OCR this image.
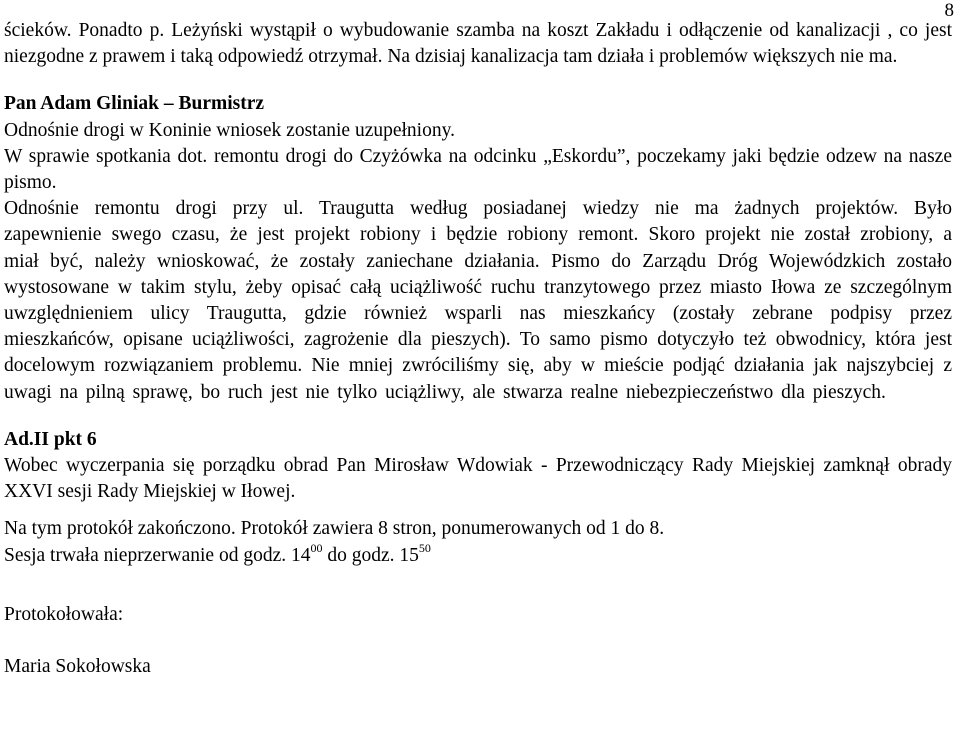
8

ścieków. Ponadto p. Leżyński wystąpił o wybudowanie szamba na koszt Zakładu i odłączenie od kanalizacji , co jest niezgodne z prawem i taką odpowiedź otrzymał. Na dzisiaj kanalizacja tam działa i problemów większych nie ma.

Pan Adam Gliniak – Burmistrz

Odnośnie drogi w Koninie wniosek zostanie uzupełniony.

W sprawie spotkania dot. remontu drogi do Czyżówka na odcinku „Eskordu”, poczekamy jaki będzie odzew na nasze pismo.

Odnośnie remontu drogi przy ul. Traugutta według posiadanej wiedzy nie ma żadnych projektów. Było zapewnienie swego czasu, że jest projekt robiony i będzie robiony remont. Skoro projekt nie został zrobiony, a miał być, należy wnioskować, że zostały zaniechane działania. Pismo do Zarządu Dróg Wojewódzkich zostało wystosowane w takim stylu, żeby opisać całą uciążliwość ruchu tranzytowego przez miasto Iłowa ze szczególnym uwzględnieniem ulicy Traugutta, gdzie również wsparli nas mieszkańcy (zostały zebrane podpisy przez mieszkańców, opisane uciążliwości, zagrożenie dla pieszych). To samo pismo dotyczyło też obwodnicy, która jest docelowym rozwiązaniem problemu. Nie mniej zwróciliśmy się, aby w mieście podjąć działania jak najszybciej z uwagi na pilną sprawę, bo ruch jest nie tylko uciążliwy, ale stwarza realne niebezpieczeństwo dla pieszych.

Ad.II pkt 6

Wobec wyczerpania się porządku obrad Pan Mirosław Wdowiak - Przewodniczący Rady Miejskiej zamknął obrady XXVI sesji Rady Miejskiej w Iłowej.

Na tym protokół zakończono. Protokół zawiera 8 stron, ponumerowanych od 1 do 8.

Sesja trwała nieprzerwanie od godz. $14^{00}$ do godz. $15^{50}$

Protokołowała:

Maria Sokołowska
